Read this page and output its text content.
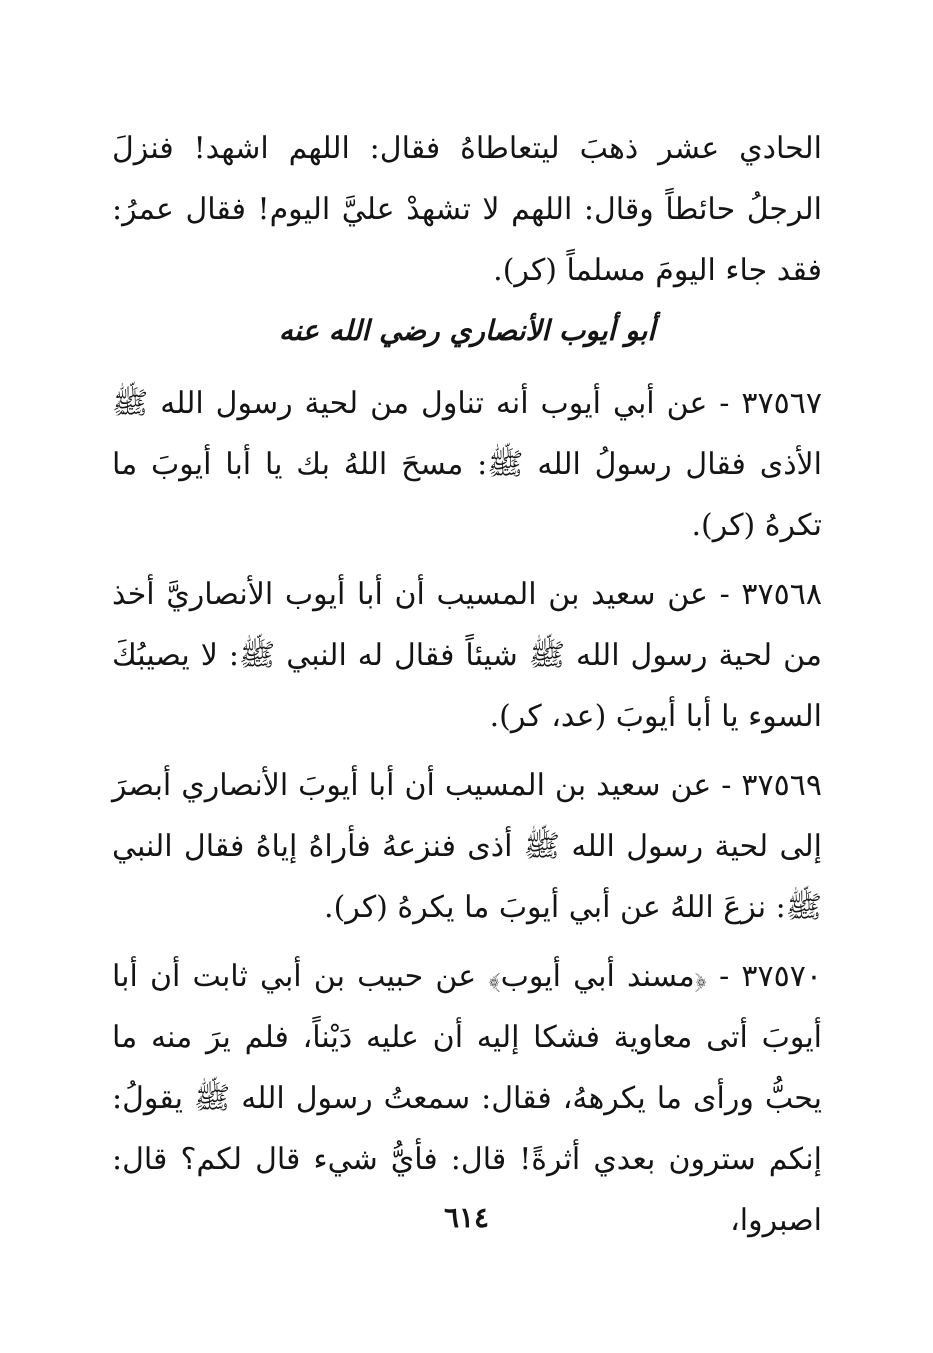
الحادي عشر ذهبَ ليتعاطاهُ فقال: اللهم اشهد! فنزلَ الرجلُ حائطاً وقال: اللهم لا تشهدْ عليَّ اليوم! فقال عمرُ: فقد جاء اليومَ مسلماً (كر).

أبو أيوب الأنصاري رضي الله عنه

٣٧٥٦٧ - عن أبي أيوب أنه تناول من لحية رسول الله ﷺ الأذى فقال رسولُ الله ﷺ: مسحَ اللهُ بك يا أبا أيوبَ ما تكرهُ (كر).

٣٧٥٦٨ - عن سعيد بن المسيب أن أبا أيوب الأنصاريَّ أخذ من لحية رسول الله ﷺ شيئاً فقال له النبي ﷺ: لا يصيبُكَ السوء يا أبا أيوبَ (عد، كر).

٣٧٥٦٩ - عن سعيد بن المسيب أن أبا أيوبَ الأنصاري أبصرَ إلى لحية رسول الله ﷺ أذى فنزعهُ فأراهُ إياهُ فقال النبي ﷺ: نزعَ اللهُ عن أبي أيوبَ ما يكرهُ (كر).

٣٧٥٧٠ - ﴿مسند أبي أيوب﴾ عن حبيب بن أبي ثابت أن أبا أيوبَ أتى معاوية فشكا إليه أن عليه دَيْناً، فلم يرَ منه ما يحبُّ ورأى ما يكرههُ، فقال: سمعتُ رسول الله ﷺ يقولُ: إنكم سترون بعدي أثرةً! قال: فأيُّ شيء قال لكم؟ قال: اصبروا،

٦١٤
